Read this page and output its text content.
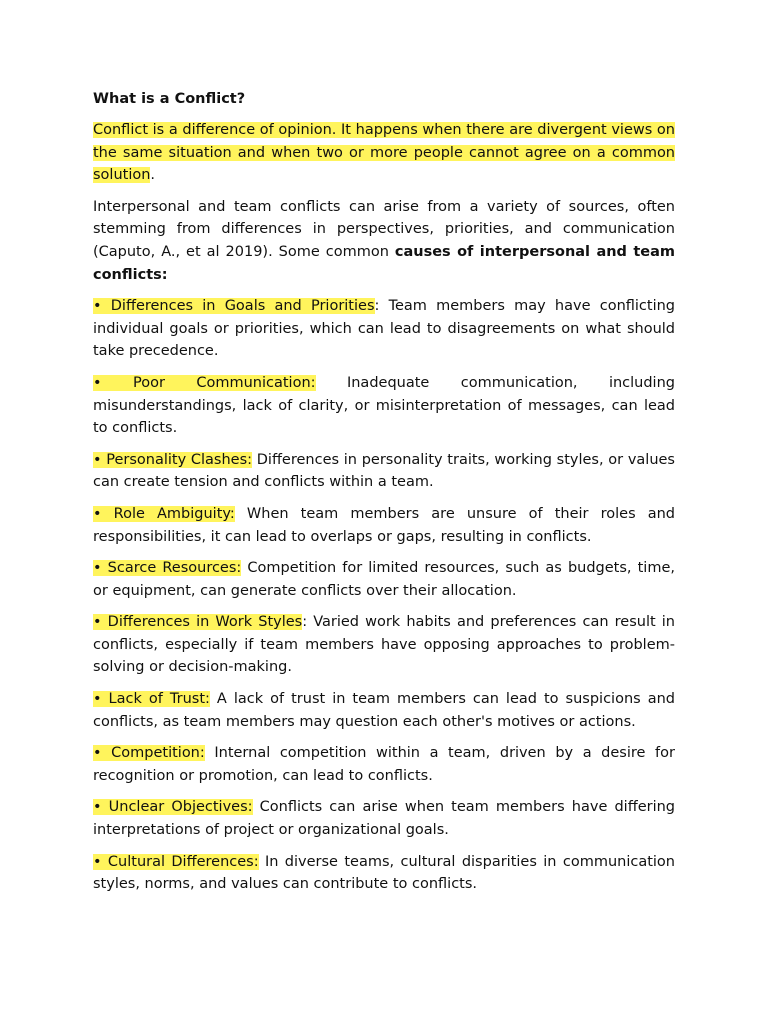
What is a Conflict?

Conflict is a difference of opinion. It happens when there are divergent views on the same situation and when two or more people cannot agree on a common solution.

Interpersonal and team conflicts can arise from a variety of sources, often stemming from differences in perspectives, priorities, and communication (Caputo, A., et al 2019). Some common causes of interpersonal and team conflicts:

• Differences in Goals and Priorities: Team members may have conflicting individual goals or priorities, which can lead to disagreements on what should take precedence.

• Poor Communication: Inadequate communication, including misunderstandings, lack of clarity, or misinterpretation of messages, can lead to conflicts.

• Personality Clashes: Differences in personality traits, working styles, or values can create tension and conflicts within a team.

• Role Ambiguity: When team members are unsure of their roles and responsibilities, it can lead to overlaps or gaps, resulting in conflicts.

• Scarce Resources: Competition for limited resources, such as budgets, time, or equipment, can generate conflicts over their allocation.

• Differences in Work Styles: Varied work habits and preferences can result in conflicts, especially if team members have opposing approaches to problem-solving or decision-making.

• Lack of Trust: A lack of trust in team members can lead to suspicions and conflicts, as team members may question each other's motives or actions.

• Competition: Internal competition within a team, driven by a desire for recognition or promotion, can lead to conflicts.

• Unclear Objectives: Conflicts can arise when team members have differing interpretations of project or organizational goals.

• Cultural Differences: In diverse teams, cultural disparities in communication styles, norms, and values can contribute to conflicts.
